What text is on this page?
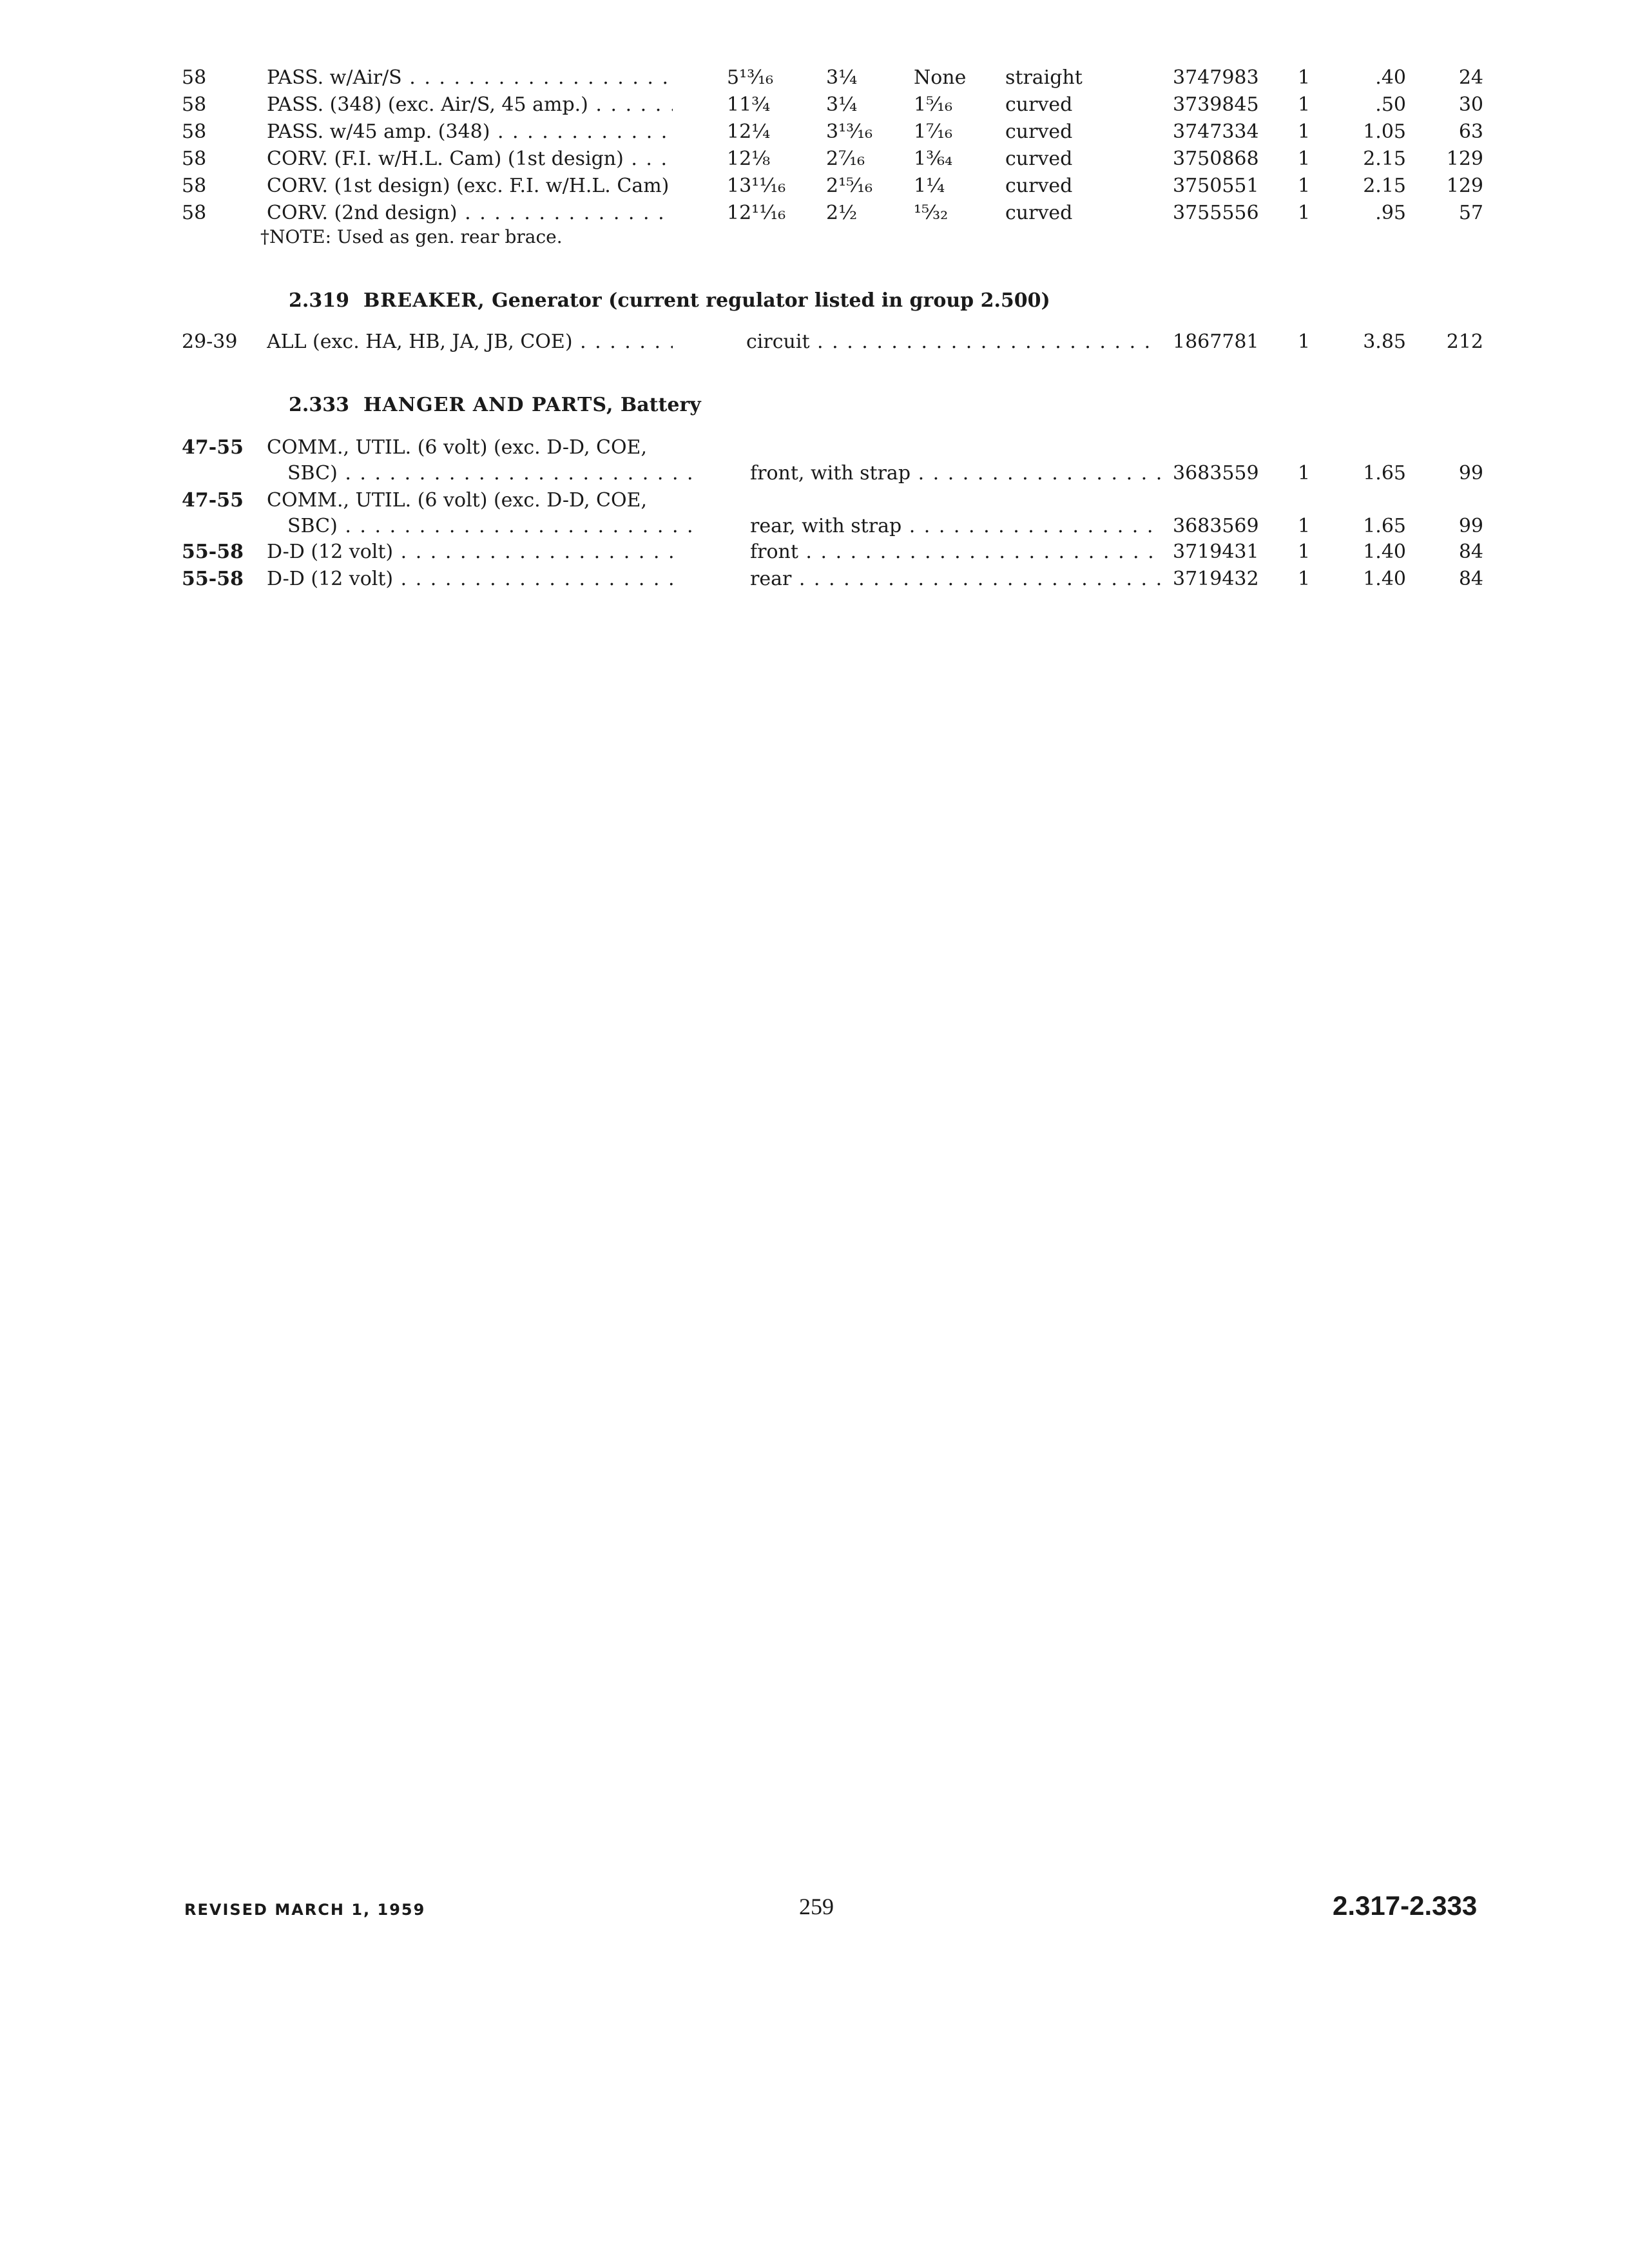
58	PASS. w/Air/S . . .	5¹³⁄₁₆	3¼	None	straight	3747983	1	.40	24
58	PASS. (348) (exc. Air/S, 45 amp.) . . .	11¾	3¼	1⁵⁄₁₆	curved	3739845	1	.50	30
58	PASS. w/45 amp. (348) . . .	12¼	3¹³⁄₁₆	1⁷⁄₁₆	curved	3747334	1	1.05	63
58	CORV. (F.I. w/H.L. Cam) (1st design) . . .	12⅛	2⁷⁄₁₆	1³⁄₆₄	curved	3750868	1	2.15	129
58	CORV. (1st design) (exc. F.I. w/H.L. Cam)	13¹¹⁄₁₆	2¹⁵⁄₁₆	1¼	curved	3750551	1	2.15	129
58	CORV. (2nd design) . . .	12¹¹⁄₁₆	2½	¹⁵⁄₃₂	curved	3755556	1	.95	57
†NOTE: Used as gen. rear brace.
2.319 BREAKER, Generator (current regulator listed in group 2.500)
29-39 ALL (exc. HA, HB, JA, JB, COE) . . .	circuit . . .	1867781	1	3.85	212
2.333 HANGER AND PARTS, Battery
47-55 COMM., UTIL. (6 volt) (exc. D-D, COE,
SBC) . . .	front, with strap . . .	3683559	1	1.65	99
47-55 COMM., UTIL. (6 volt) (exc. D-D, COE,
SBC) . . .	rear, with strap . . .	3683569	1	1.65	99
55-58 D-D (12 volt) . . .	front . . .	3719431	1	1.40	84
55-58 D-D (12 volt) . . .	rear . . .	3719432	1	1.40	84
REVISED MARCH 1, 1959	259	2.317-2.333
